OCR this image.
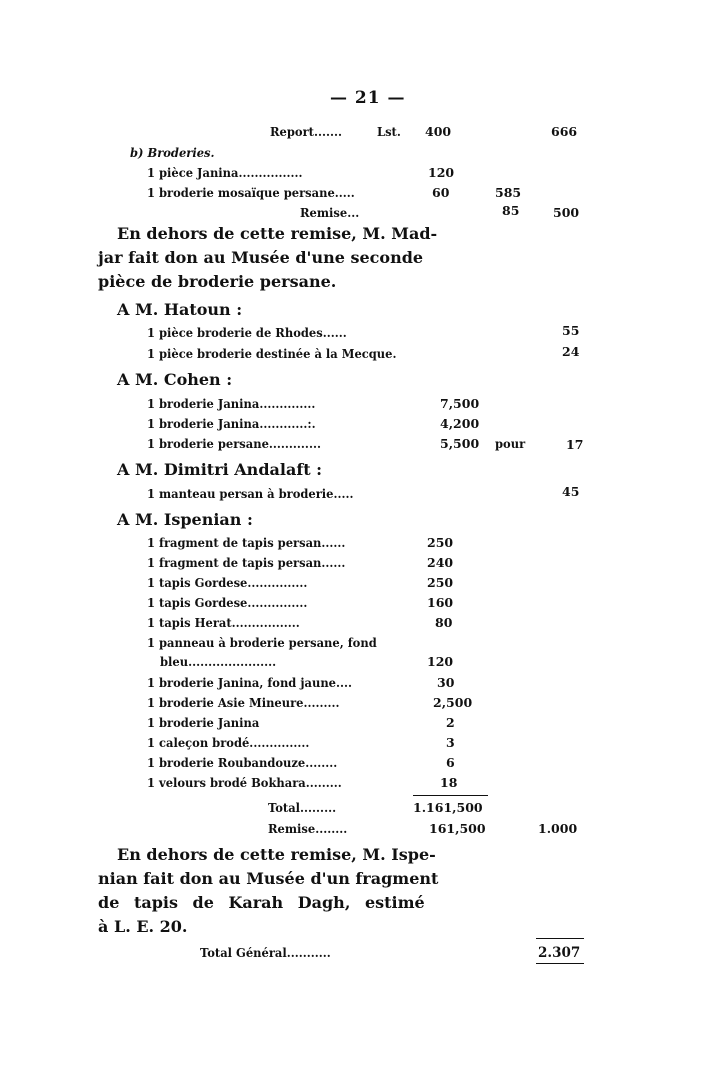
— 21 —
Report.......	Lst. 400	666
b) Broderies.
1 pièce Janina................	120
1 broderie mosaïque persane.....	60	585
Remise...	85	500
En dehors de cette remise, M. Mad-
jar fait don au Musée d'une seconde
pièce de broderie persane.
A M. Hatoun :
1 pièce broderie de Rhodes......	55
1 pièce broderie destinée à la Mecque.	24
A M. Cohen :
1 broderie Janina..............	7,500
1 broderie Janina............:.	4,200
1 broderie persane.............	5,500 pour	17
A M. Dimitri Andalaft :
1 manteau persan à broderie.....	45
A M. Ispenian :
1 fragment de tapis persan......	250
1 fragment de tapis persan......	240
1 tapis Gordese...............	250
1 tapis Gordese...............	160
1 tapis Herat.................	80
1 panneau à broderie persane, fond
bleu......................	120
1 broderie Janina, fond jaune....	30
1 broderie Asie Mineure.........	2,500
1 broderie Janina	2
1 caleçon brodé...............	3
1 broderie Roubandouze........	6
1 velours brodé Bokhara.........	18
Total.........	1.161,500
Remise........	161,500	1.000
En dehors de cette remise, M. Ispe-
nian fait don au Musée d'un fragment
de tapis de Karah Dagh, estimé
à L. E. 20.
Total Général...........	2.307
